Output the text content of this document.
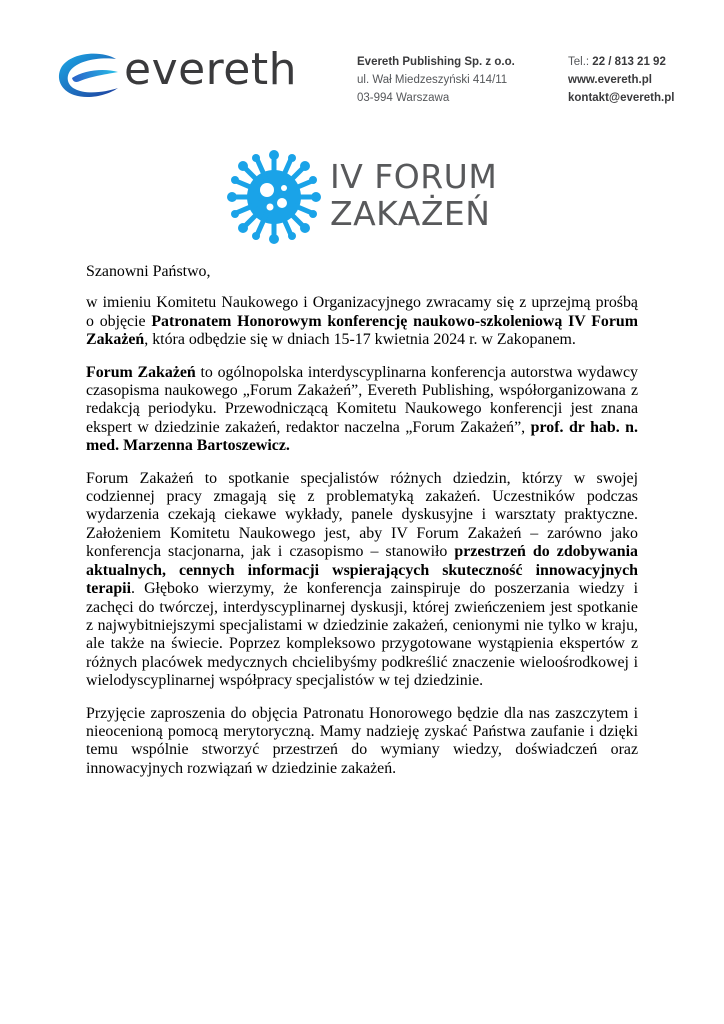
evereth	Evereth Publishing Sp. z o.o.
ul. Wał Miedzeszyński 414/11
03-994 Warszawa
Tel.: 22 / 813 21 92
www.evereth.pl
kontakt@evereth.pl
IV FORUM
ZAKAŻEŃ

Szanowni Państwo,

w imieniu Komitetu Naukowego i Organizacyjnego zwracamy się z uprzejmą prośbą o objęcie Patronatem Honorowym konferencję naukowo-szkoleniową IV Forum Zakażeń, która odbędzie się w dniach 15-17 kwietnia 2024 r. w Zakopanem.

Forum Zakażeń to ogólnopolska interdyscyplinarna konferencja autorstwa wydawcy czasopisma naukowego „Forum Zakażeń”, Evereth Publishing, współorganizowana z redakcją periodyku. Przewodniczącą Komitetu Naukowego konferencji jest znana ekspert w dziedzinie zakażeń, redaktor naczelna „Forum Zakażeń”, prof. dr hab. n. med. Marzenna Bartoszewicz.

Forum Zakażeń to spotkanie specjalistów różnych dziedzin, którzy w swojej codziennej pracy zmagają się z problematyką zakażeń. Uczestników podczas wydarzenia czekają ciekawe wykłady, panele dyskusyjne i warsztaty praktyczne. Założeniem Komitetu Naukowego jest, aby IV Forum Zakażeń – zarówno jako konferencja stacjonarna, jak i czasopismo – stanowiło przestrzeń do zdobywania aktualnych, cennych informacji wspierających skuteczność innowacyjnych terapii. Głęboko wierzymy, że konferencja zainspiruje do poszerzania wiedzy i zachęci do twórczej, interdyscyplinarnej dyskusji, której zwieńczeniem jest spotkanie z najwybitniejszymi specjalistami w dziedzinie zakażeń, cenionymi nie tylko w kraju, ale także na świecie. Poprzez kompleksowo przygotowane wystąpienia ekspertów z różnych placówek medycznych chcielibyśmy podkreślić znaczenie wieloośrodkowej i wielodyscyplinarnej współpracy specjalistów w tej dziedzinie.

Przyjęcie zaproszenia do objęcia Patronatu Honorowego będzie dla nas zaszczytem i nieocenioną pomocą merytoryczną. Mamy nadzieję zyskać Państwa zaufanie i dzięki temu wspólnie stworzyć przestrzeń do wymiany wiedzy, doświadczeń oraz innowacyjnych rozwiązań w dziedzinie zakażeń.
